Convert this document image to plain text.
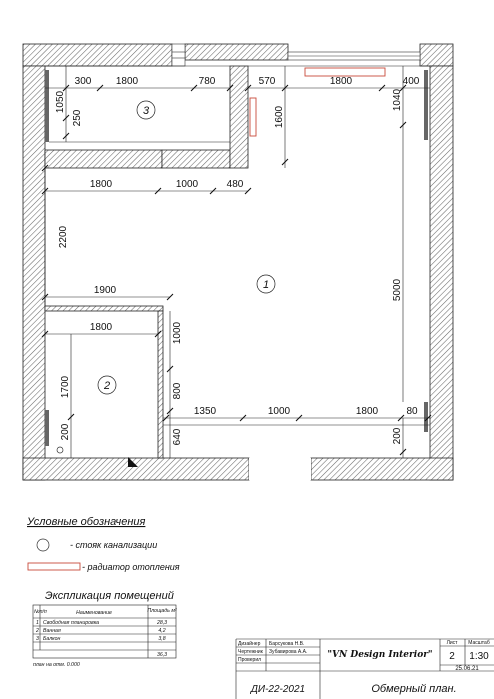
300 1800	780	570	1800	400
1050
250	1600
1040
1800	1000	480
2200
1900
1800	1000
800
640
1700
200
1350	1000	1800	80
5000
200
1
2
3
Условные обозначения
- стояк канализации
- радиатор отопления
Экспликация помещений
№п/п	Наименование	Площадь м²
1 Свободная планировка	28,3
2 Ванная	4,2
3 Балкон	3,8
36,3
план на отм. 0.000
Дизайнер Барсукова Н.В.
Чертежник Зубавирова А.А.
Проверил	"VN Design Interior"
Лист Масштаб
2 1:30
25.06.21
ДИ-22-2021	Обмерный план.
